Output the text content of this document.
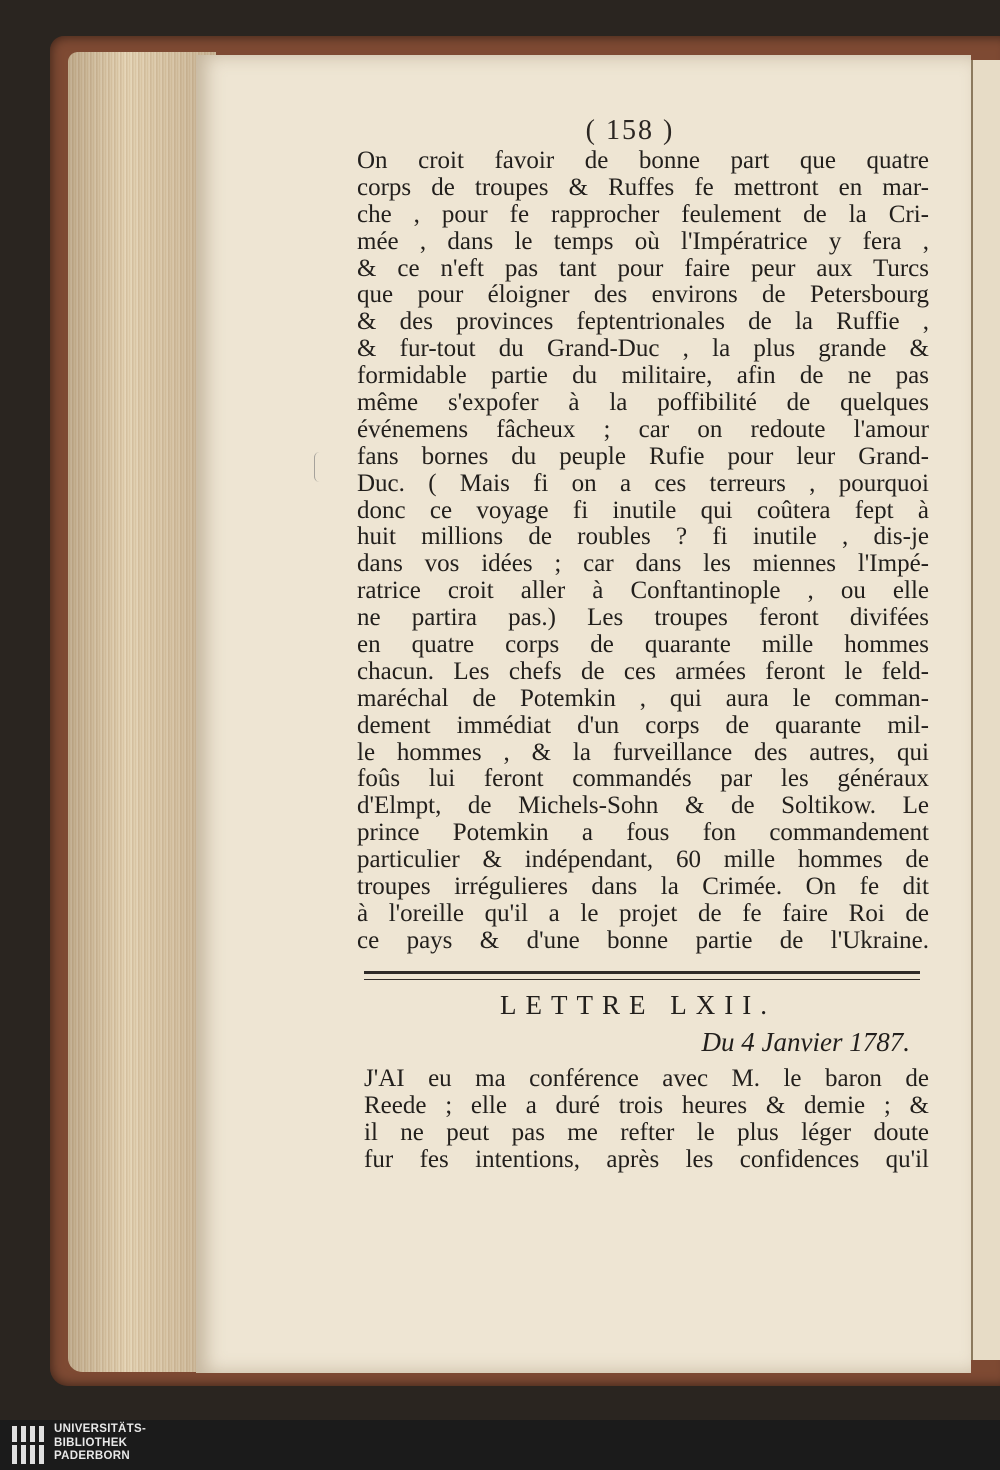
( 158 )
On croit favoir de bonne part que quatre
corps de troupes & Ruffes fe mettront en mar-
che , pour fe rapprocher feulement de la Cri-
mée , dans le temps où l'Impératrice y fera ,
& ce n'eft pas tant pour faire peur aux Turcs
que pour éloigner des environs de Petersbourg
& des provinces feptentrionales de la Ruffie ,
& fur-tout du Grand-Duc , la plus grande &
formidable partie du militaire, afin de ne pas
même s'expofer à la poffibilité de quelques
événemens fâcheux ; car on redoute l'amour
fans bornes du peuple Rufie pour leur Grand-
Duc. ( Mais fi on a ces terreurs , pourquoi
donc ce voyage fi inutile qui coûtera fept à
huit millions de roubles ? fi inutile , dis-je
dans vos idées ; car dans les miennes l'Impé-
ratrice croit aller à Conftantinople , ou elle
ne partira pas.) Les troupes feront divifées
en quatre corps de quarante mille hommes
chacun. Les chefs de ces armées feront le feld-
maréchal de Potemkin , qui aura le comman-
dement immédiat d'un corps de quarante mil-
le hommes , & la furveillance des autres, qui
foûs lui feront commandés par les généraux
d'Elmpt, de Michels-Sohn & de Soltikow. Le
prince Potemkin a fous fon commandement
particulier & indépendant, 60 mille hommes de
troupes irrégulieres dans la Crimée. On fe dit
à l'oreille qu'il a le projet de fe faire Roi de
ce pays & d'une bonne partie de l'Ukraine.
LETTRE LXII.
Du 4 Janvier 1787.
J'AI eu ma conférence avec M. le baron de
Reede ; elle a duré trois heures & demie ; &
il ne peut pas me refter le plus léger doute
fur fes intentions, après les confidences qu'il
UNIVERSITÄTS-
BIBLIOTHEK
PADERBORN
